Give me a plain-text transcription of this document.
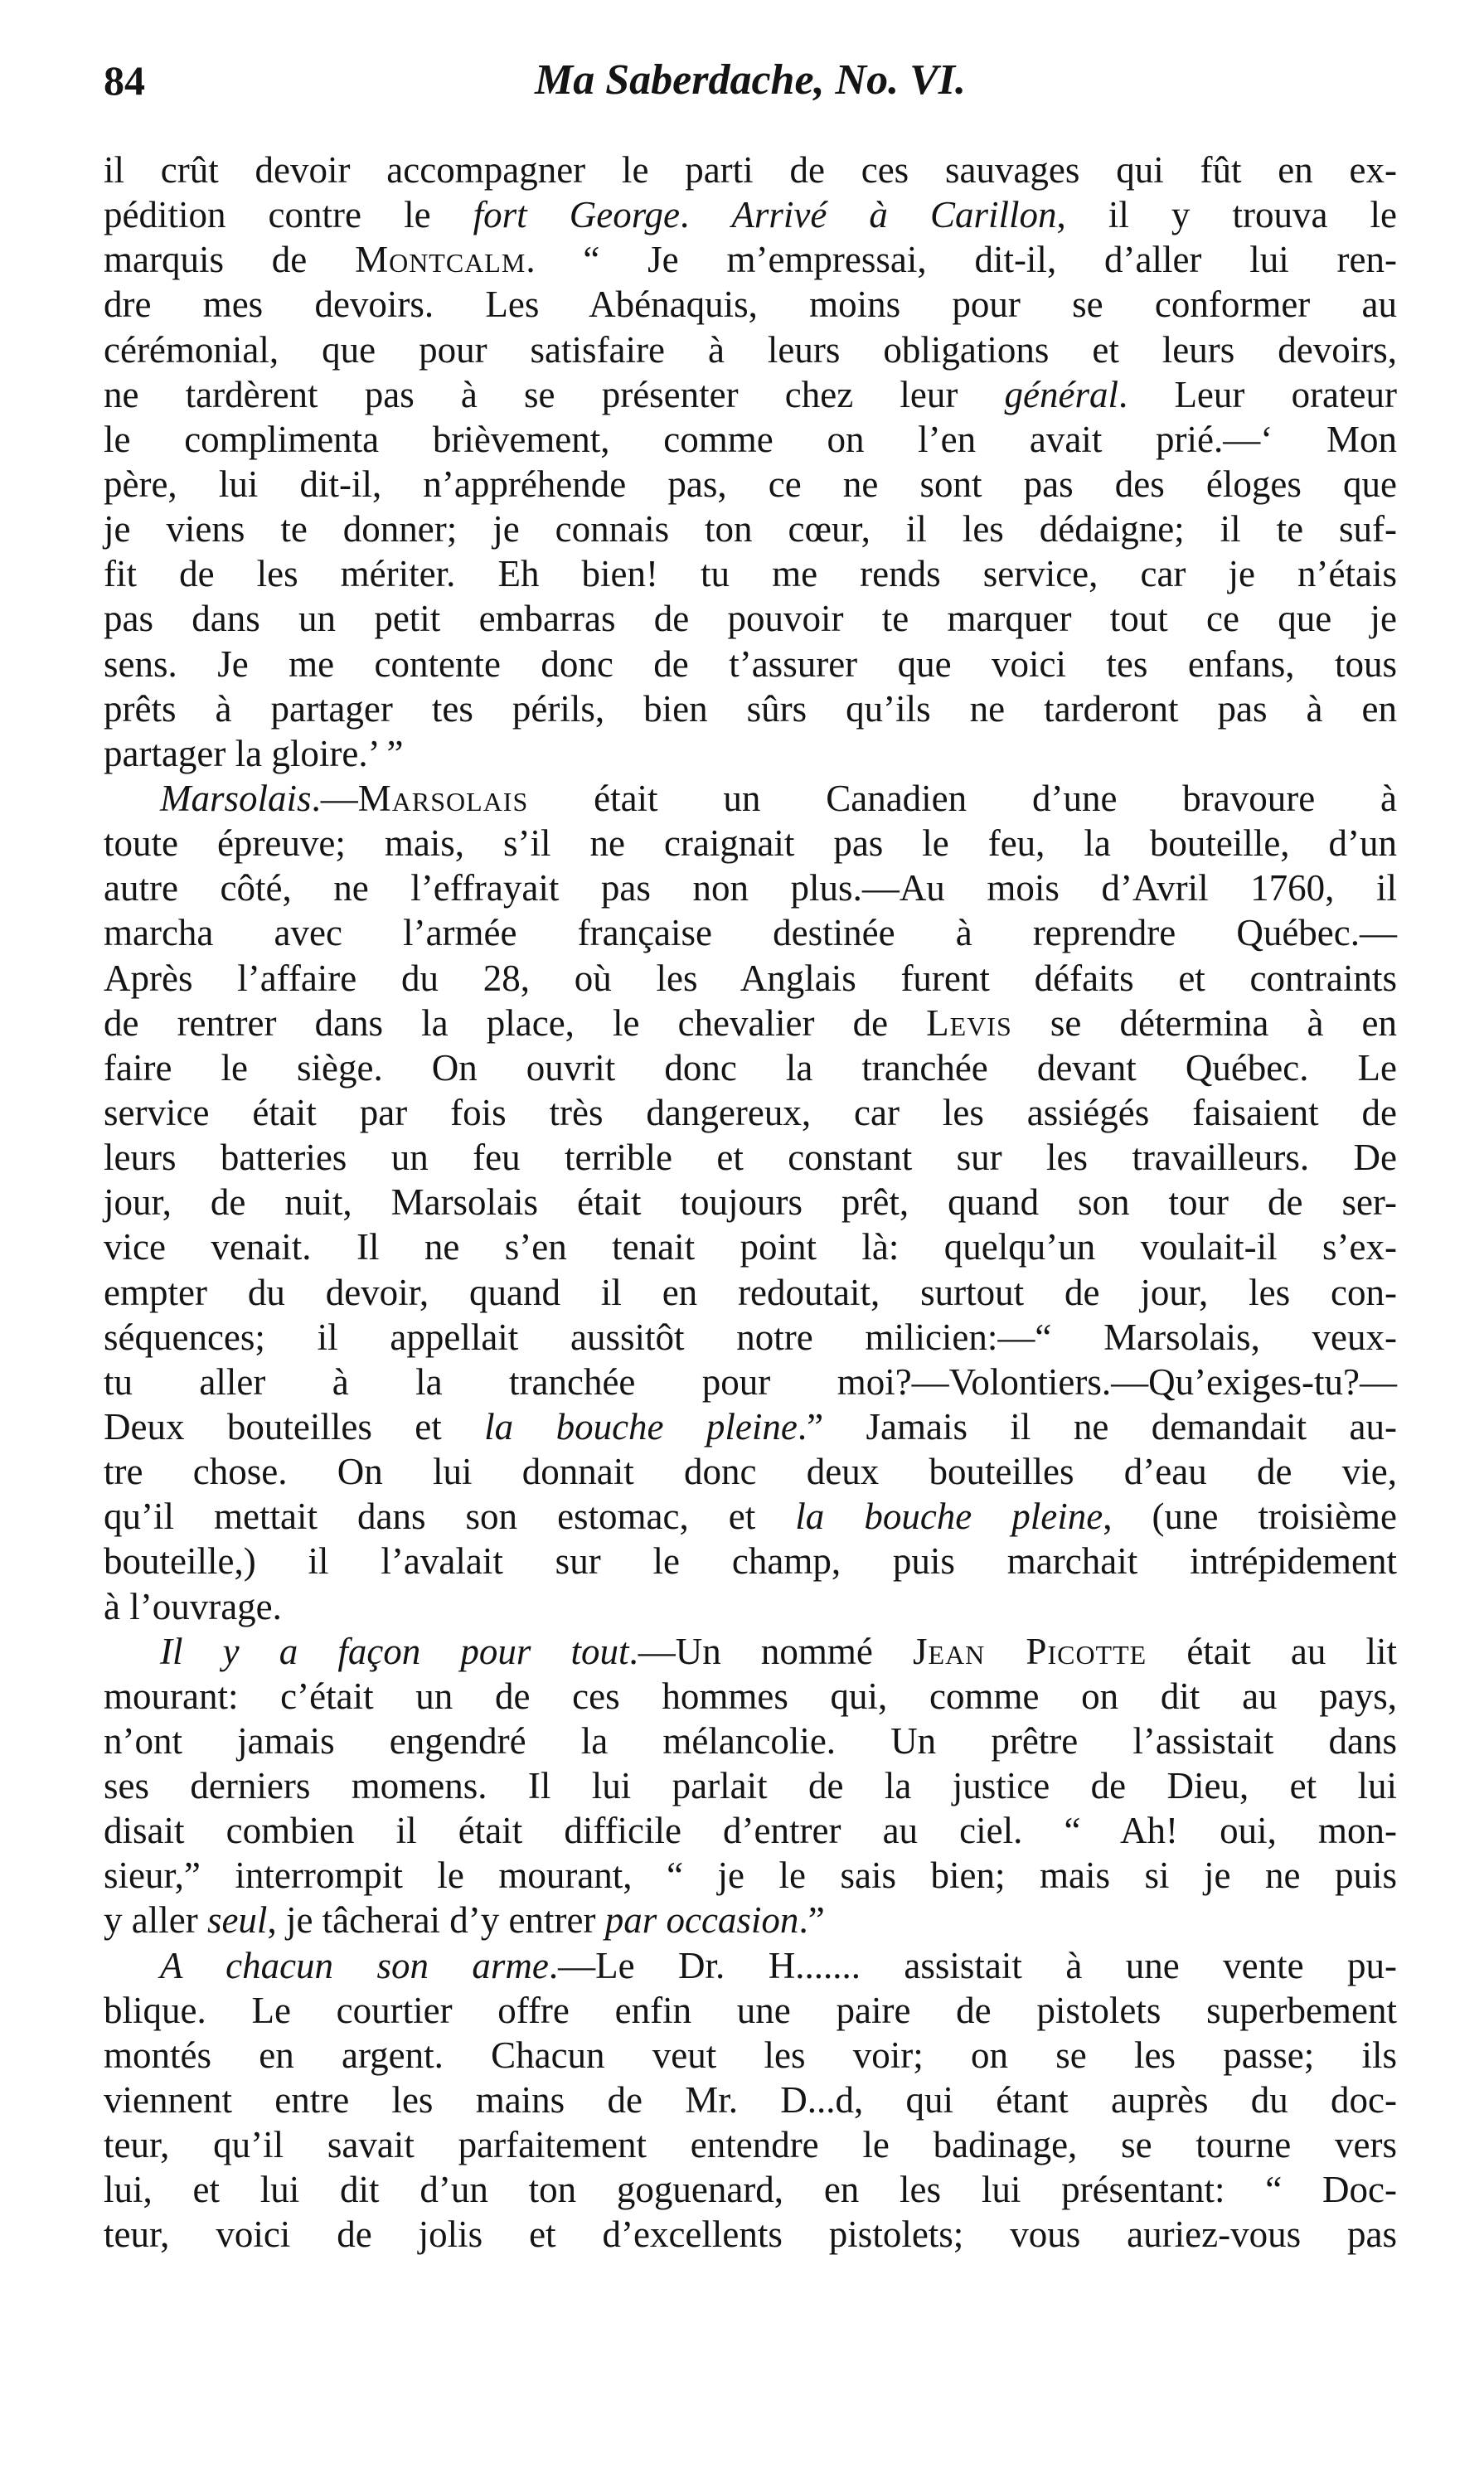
84	Ma Saberdache, No. VI.
il crût devoir accompagner le parti de ces sauvages qui fût en ex-
pédition contre le fort George. Arrivé à Carillon, il y trouva le
marquis de Montcalm. “ Je m’empressai, dit-il, d’aller lui ren-
dre mes devoirs. Les Abénaquis, moins pour se conformer au
cérémonial, que pour satisfaire à leurs obligations et leurs devoirs,
ne tardèrent pas à se présenter chez leur général. Leur orateur
le complimenta brièvement, comme on l’en avait prié.—‘ Mon
père, lui dit-il, n’appréhende pas, ce ne sont pas des éloges que
je viens te donner; je connais ton cœur, il les dédaigne; il te suf-
fit de les mériter. Eh bien! tu me rends service, car je n’étais
pas dans un petit embarras de pouvoir te marquer tout ce que je
sens. Je me contente donc de t’assurer que voici tes enfans, tous
prêts à partager tes périls, bien sûrs qu’ils ne tarderont pas à en
partager la gloire.’ ”
Marsolais.—Marsolais était un Canadien d’une bravoure à
toute épreuve; mais, s’il ne craignait pas le feu, la bouteille, d’un
autre côté, ne l’effrayait pas non plus.—Au mois d’Avril 1760, il
marcha avec l’armée française destinée à reprendre Québec.—
Après l’affaire du 28, où les Anglais furent défaits et contraints
de rentrer dans la place, le chevalier de Levis se détermina à en
faire le siège. On ouvrit donc la tranchée devant Québec. Le
service était par fois très dangereux, car les assiégés faisaient de
leurs batteries un feu terrible et constant sur les travailleurs. De
jour, de nuit, Marsolais était toujours prêt, quand son tour de ser-
vice venait. Il ne s’en tenait point là: quelqu’un voulait-il s’ex-
empter du devoir, quand il en redoutait, surtout de jour, les con-
séquences; il appellait aussitôt notre milicien:—“ Marsolais, veux-
tu aller à la tranchée pour moi?—Volontiers.—Qu’exiges-tu?—
Deux bouteilles et la bouche pleine.” Jamais il ne demandait au-
tre chose. On lui donnait donc deux bouteilles d’eau de vie,
qu’il mettait dans son estomac, et la bouche pleine, (une troisième
bouteille,) il l’avalait sur le champ, puis marchait intrépidement
à l’ouvrage.
Il y a façon pour tout.—Un nommé Jean Picotte était au lit
mourant: c’était un de ces hommes qui, comme on dit au pays,
n’ont jamais engendré la mélancolie. Un prêtre l’assistait dans
ses derniers momens. Il lui parlait de la justice de Dieu, et lui
disait combien il était difficile d’entrer au ciel. “ Ah! oui, mon-
sieur,” interrompit le mourant, “ je le sais bien; mais si je ne puis
y aller seul, je tâcherai d’y entrer par occasion.”
A chacun son arme.—Le Dr. H....... assistait à une vente pu-
blique. Le courtier offre enfin une paire de pistolets superbement
montés en argent. Chacun veut les voir; on se les passe; ils
viennent entre les mains de Mr. D...d, qui étant auprès du doc-
teur, qu’il savait parfaitement entendre le badinage, se tourne vers
lui, et lui dit d’un ton goguenard, en les lui présentant: “ Doc-
teur, voici de jolis et d’excellents pistolets; vous auriez-vous pas
